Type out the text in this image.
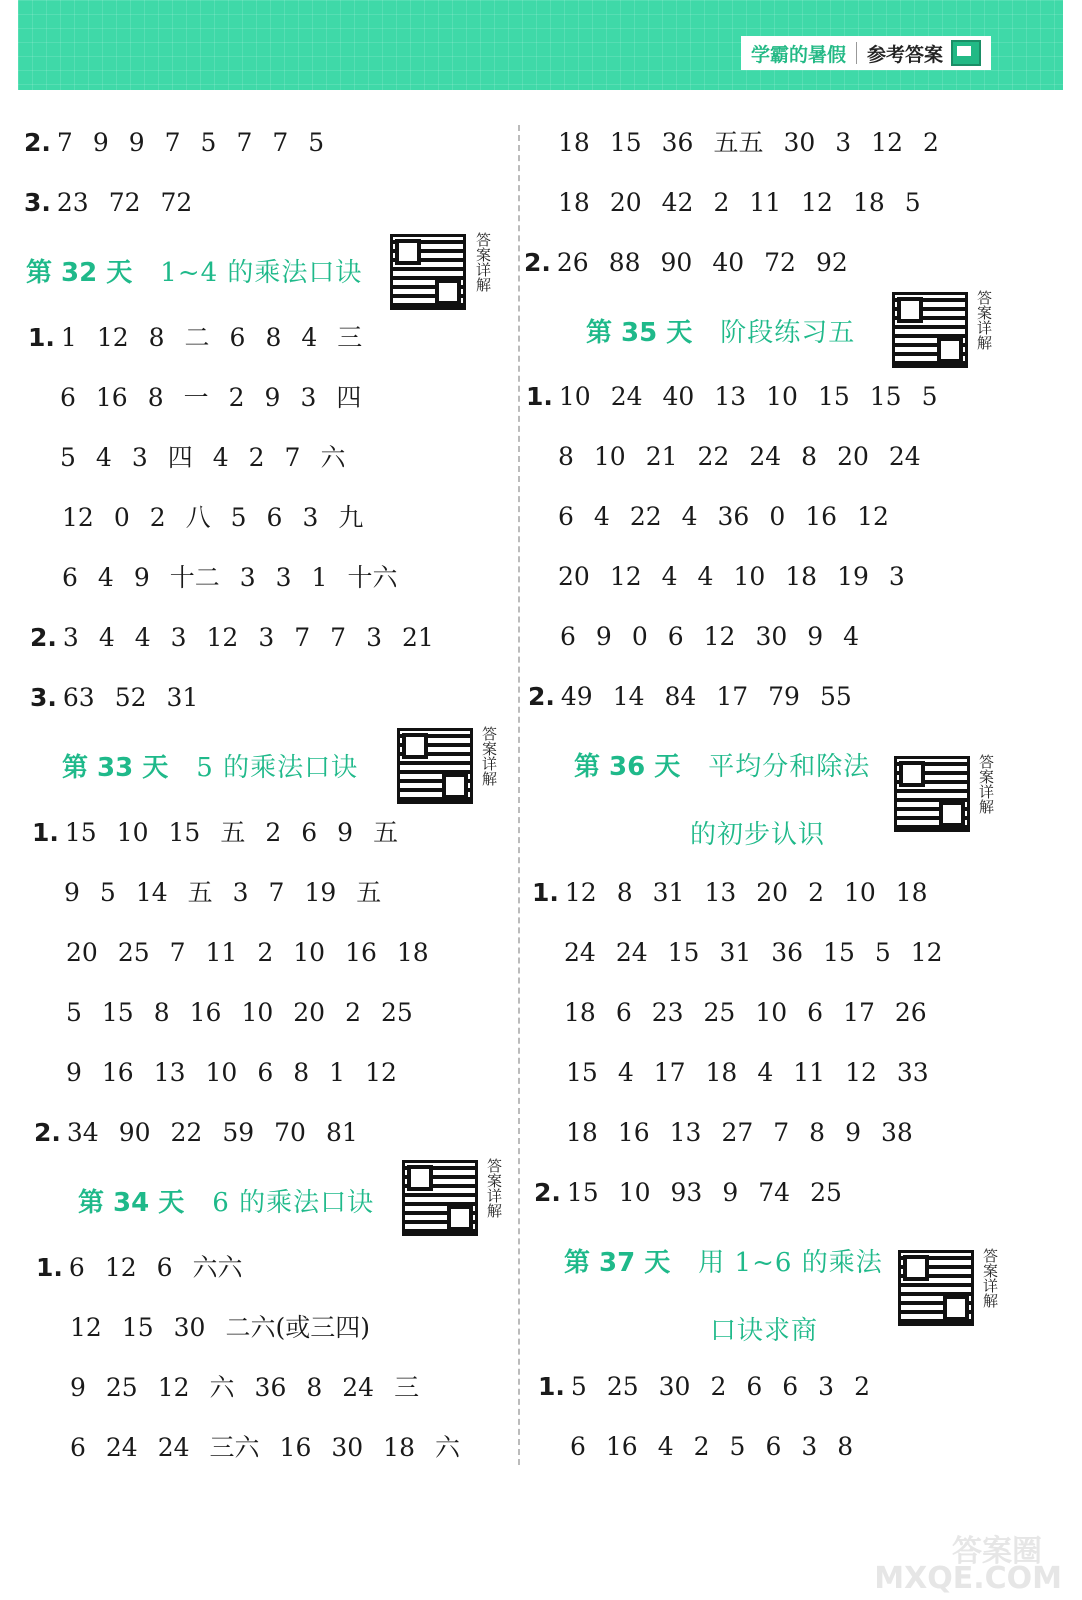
学霸的暑假 参考答案
2. 7 9 9 7 5 7 7 5
3. 23 72 72
第 32 天 1~4 的乘法口诀	答案详解
1. 1 12 8 二 6 8 4 三
6 16 8 一 2 9 3 四
5 4 3 四 4 2 7 六
12 0 2 八 5 6 3 九
6 4 9 十二 3 3 1 十六
2. 3 4 4 3 12 3 7 7 3 21
3. 63 52 31
第 33 天 5 的乘法口诀	答案详解
1. 15 10 15 五 2 6 9 五
9 5 14 五 3 7 19 五
20 25 7 11 2 10 16 18
5 15 8 16 10 20 2 25
9 16 13 10 6 8 1 12
2. 34 90 22 59 70 81
第 34 天 6 的乘法口诀	答案详解
1. 6 12 6 六六
12 15 30 二六(或三四)
9 25 12 六 36 8 24 三
6 24 24 三六 16 30 18 六
18 15 36 五五 30 3 12 2
18 20 42 2 11 12 18 5
2. 26 88 90 40 72 92
第 35 天 阶段练习五	答案详解
1. 10 24 40 13 10 15 15 5
8 10 21 22 24 8 20 24
6 4 22 4 36 0 16 12
20 12 4 4 10 18 19 3
6 9 0 6 12 30 9 4
2. 49 14 84 17 79 55
第 36 天 平均分和除法
的初步认识
答案详解
1. 12 8 31 13 20 2 10 18
24 24 15 31 36 15 5 12
18 6 23 25 10 6 17 26
15 4 17 18 4 11 12 33
18 16 13 27 7 8 9 38
2. 15 10 93 9 74 25
第 37 天 用 1~6 的乘法
口诀求商
答案详解
1. 5 25 30 2 6 6 3 2
6 16 4 2 5 6 3 8
答案圈
MXQE.COM
